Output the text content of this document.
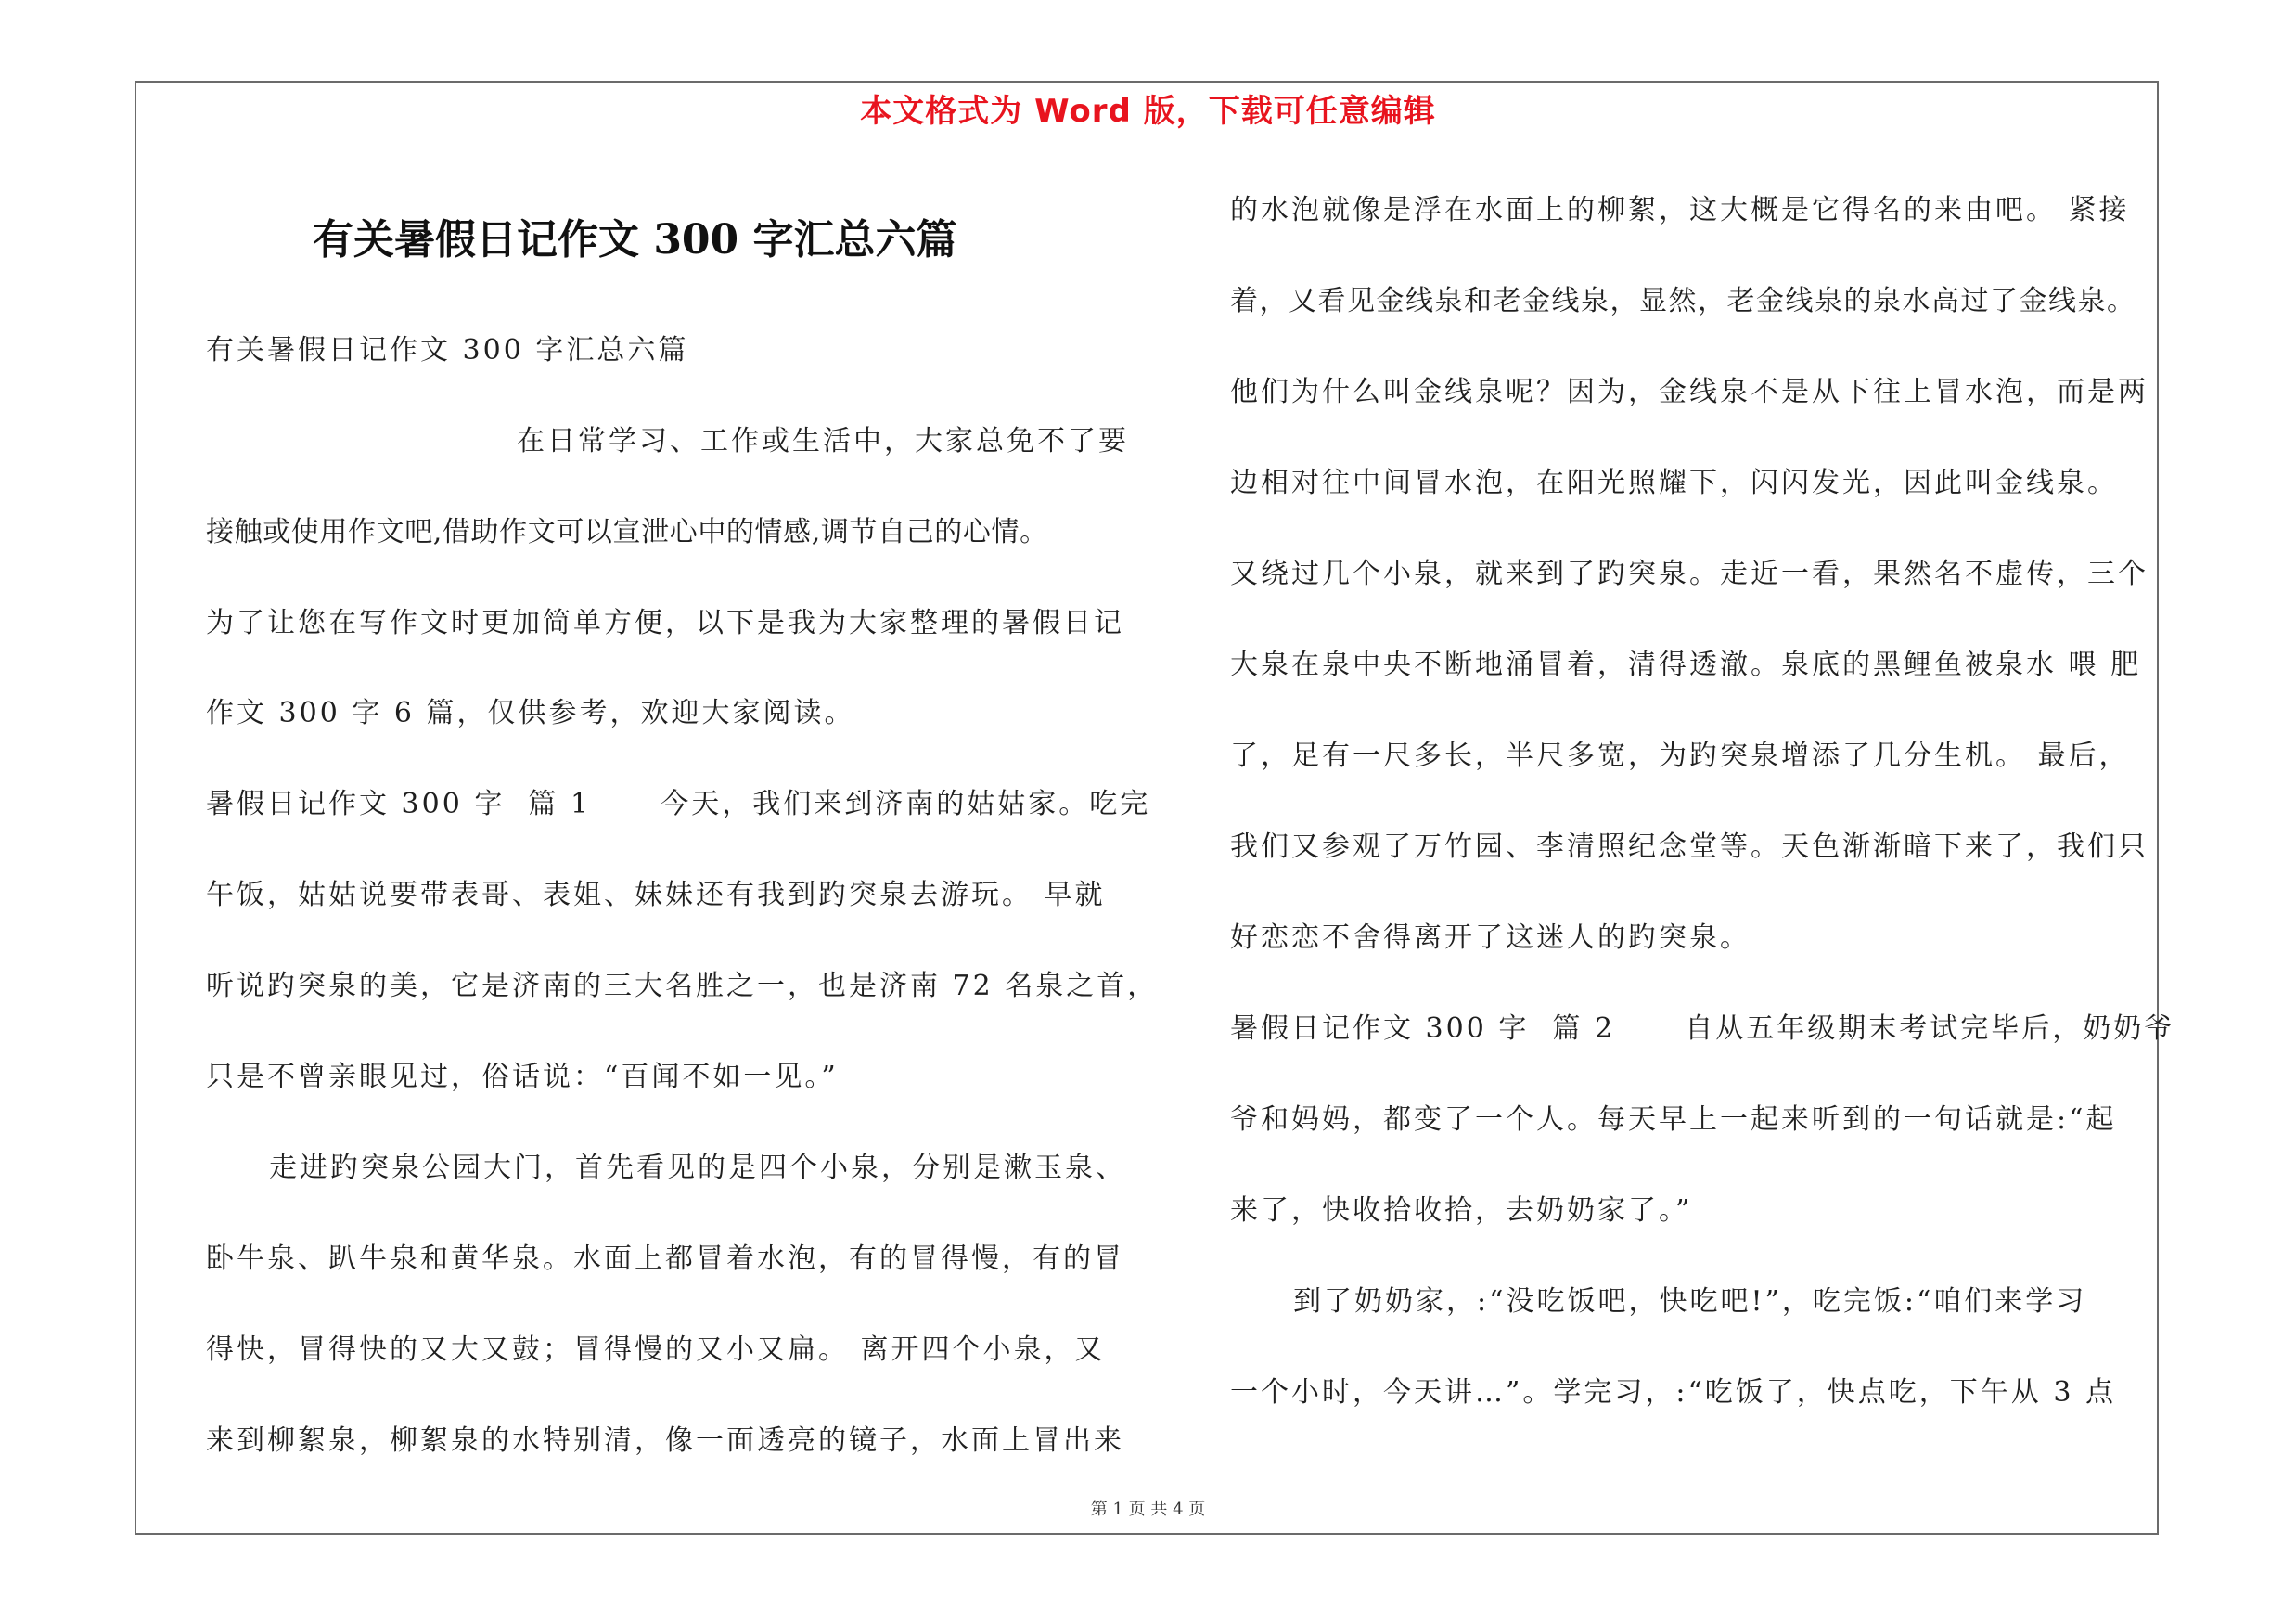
本文格式为 Word 版，下载可任意编辑
有关暑假日记作文 300 字汇总六篇
有关暑假日记作文 300 字汇总六篇
在日常学习、工作或生活中，大家总免不了要
接触或使用作文吧,借助作文可以宣泄心中的情感,调节自己的心情。
为了让您在写作文时更加简单方便，以下是我为大家整理的暑假日记
作文 300 字 6 篇，仅供参考，欢迎大家阅读。
暑假日记作文 300 字  篇 1      今天，我们来到济南的姑姑家。吃完
午饭，姑姑说要带表哥、表姐、妹妹还有我到趵突泉去游玩。 早就
听说趵突泉的美，它是济南的三大名胜之一，也是济南 72 名泉之首，
只是不曾亲眼见过，俗话说：“百闻不如一见。”
走进趵突泉公园大门，首先看见的是四个小泉，分别是漱玉泉、
卧牛泉、趴牛泉和黄华泉。水面上都冒着水泡，有的冒得慢，有的冒
得快，冒得快的又大又鼓；冒得慢的又小又扁。 离开四个小泉，又
来到柳絮泉，柳絮泉的水特别清，像一面透亮的镜子，水面上冒出来
的水泡就像是浮在水面上的柳絮，这大概是它得名的来由吧。 紧接
着，又看见金线泉和老金线泉，显然，老金线泉的泉水高过了金线泉。
他们为什么叫金线泉呢？因为，金线泉不是从下往上冒水泡，而是两
边相对往中间冒水泡，在阳光照耀下，闪闪发光，因此叫金线泉。
又绕过几个小泉，就来到了趵突泉。走近一看，果然名不虚传，三个
大泉在泉中央不断地涌冒着，清得透澈。泉底的黑鲤鱼被泉水 喂 肥
了，足有一尺多长，半尺多宽，为趵突泉增添了几分生机。 最后，
我们又参观了万竹园、李清照纪念堂等。天色渐渐暗下来了，我们只
好恋恋不舍得离开了这迷人的趵突泉。
暑假日记作文 300 字  篇 2      自从五年级期末考试完毕后，奶奶爷
爷和妈妈，都变了一个人。每天早上一起来听到的一句话就是:“起
来了，快收拾收拾，去奶奶家了。”
到了奶奶家，:“没吃饭吧，快吃吧!”，吃完饭:“咱们来学习
一个小时，今天讲…”。学完习，:“吃饭了，快点吃，下午从 3 点
第 1 页 共 4 页
